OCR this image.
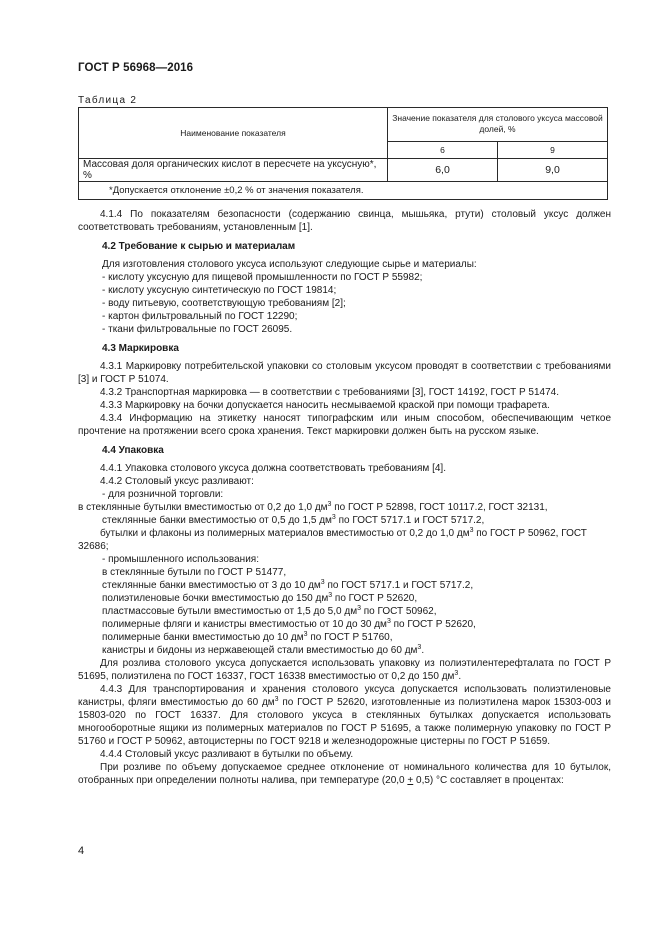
ГОСТ Р 56968—2016
Таблица 2
Наименование показателя	Значение показателя для столового уксуса массовой долей, %	
	6	9
Массовая доля органических кислот в пересчете на уксусную*, %	6,0	9,0
*Допускается отклонение ±0,2 % от значения показателя.		

4.1.4 По показателям безопасности (содержанию свинца, мышьяка, ртути) столовый уксус должен соответствовать требованиям, установленным [1].

4.2 Требование к сырью и материалам

Для изготовления столового уксуса используют следующие сырье и материалы:

- кислоту уксусную для пищевой промышленности по ГОСТ Р 55982;

- кислоту уксусную синтетическую по ГОСТ 19814;

- воду питьевую, соответствующую требованиям [2];

- картон фильтровальный по ГОСТ 12290;

- ткани фильтровальные по ГОСТ 26095.

4.3 Маркировка

4.3.1 Маркировку потребительской упаковки со столовым уксусом проводят в соответствии с требованиями [3] и ГОСТ Р 51074.

4.3.2 Транспортная маркировка — в соответствии с требованиями [3], ГОСТ 14192, ГОСТ Р 51474.

4.3.3 Маркировку на бочки допускается наносить несмываемой краской при помощи трафарета.

4.3.4 Информацию на этикетку наносят типографским или иным способом, обеспечивающим четкое прочтение на протяжении всего срока хранения. Текст маркировки должен быть на русском языке.

4.4 Упаковка

4.4.1 Упаковка столового уксуса должна соответствовать требованиям [4].

4.4.2 Столовый уксус разливают:

- для розничной торговли:

в стеклянные бутылки вместимостью от 0,2 до 1,0 $дм^3$ по ГОСТ Р 52898, ГОСТ 10117.2, ГОСТ 32131,

стеклянные банки вместимостью от 0,5 до 1,5 $дм^3$ по ГОСТ 5717.1 и ГОСТ 5717.2,

бутылки и флаконы из полимерных материалов вместимостью от 0,2 до 1,0 $дм^3$ по ГОСТ Р 50962, ГОСТ 32686;

- промышленного использования:

в стеклянные бутыли по ГОСТ Р 51477,

стеклянные банки вместимостью от 3 до 10 $дм^3$ по ГОСТ 5717.1 и ГОСТ 5717.2,

полиэтиленовые бочки вместимостью до 150 $дм^3$ по ГОСТ Р 52620,

пластмассовые бутыли вместимостью от 1,5 до 5,0 $дм^3$ по ГОСТ 50962,

полимерные фляги и канистры вместимостью от 10 до 30 $дм^3$ по ГОСТ Р 52620,

полимерные банки вместимостью до 10 $дм^3$ по ГОСТ Р 51760,

канистры и бидоны из нержавеющей стали вместимостью до 60 $дм^3$.

Для розлива столового уксуса допускается использовать упаковку из полиэтилентерефталата по ГОСТ Р 51695, полиэтилена по ГОСТ 16337, ГОСТ 16338 вместимостью от 0,2 до 150 $дм^3$.

4.4.3 Для транспортирования и хранения столового уксуса допускается использовать полиэтиленовые канистры, фляги вместимостью до 60 $дм^3$ по ГОСТ Р 52620, изготовленные из полиэтилена марок 15303-003 и 15803-020 по ГОСТ 16337. Для столового уксуса в стеклянных бутылках допускается использовать многооборотные ящики из полимерных материалов по ГОСТ Р 51695, а также полимерную упаковку по ГОСТ Р 51760 и ГОСТ Р 50962, автоцистерны по ГОСТ 9218 и железнодорожные цистерны по ГОСТ Р 51659.

4.4.4 Столовый уксус разливают в бутылки по объему.

При розливе по объему допускаемое среднее отклонение от номинального количества для 10 бутылок, отобранных при определении полноты налива, при температуре (20,0 + 0,5) °С составляет в процентах:

4
